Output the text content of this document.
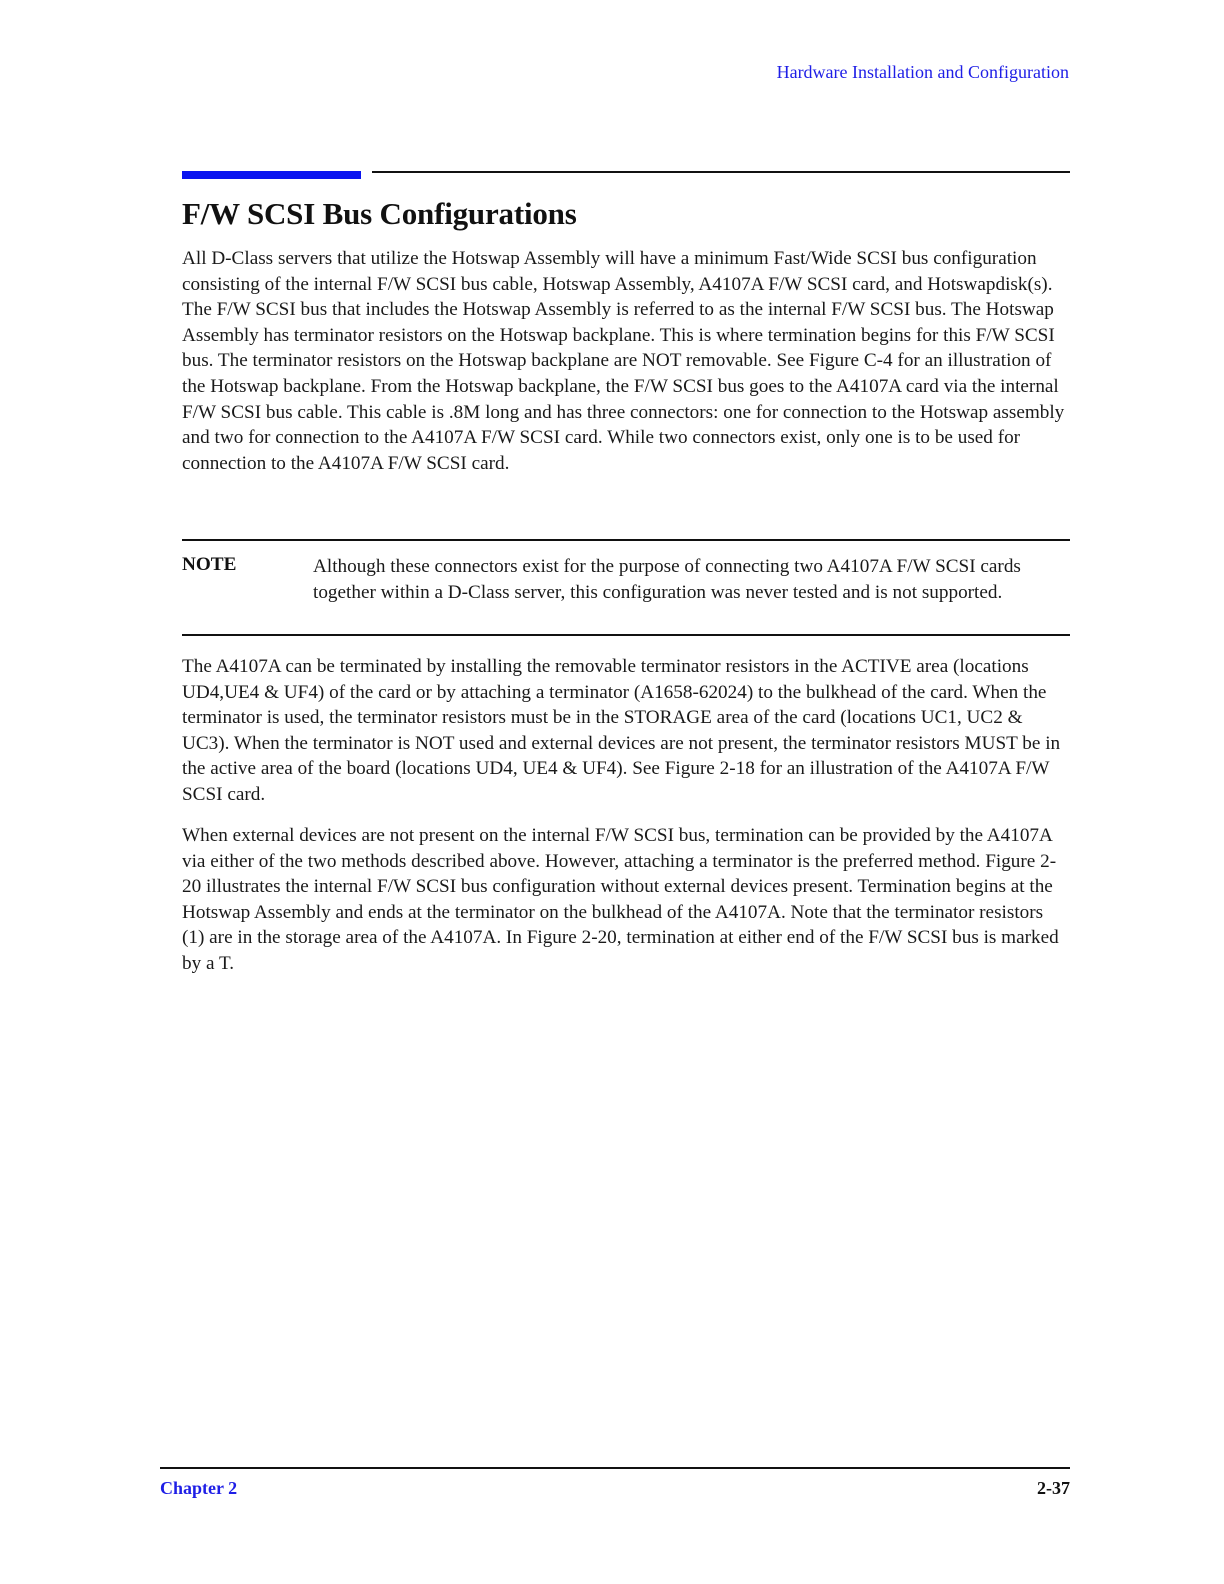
Hardware Installation and Configuration
F/W SCSI Bus Configurations

All D-Class servers that utilize the Hotswap Assembly will have a minimum Fast/Wide SCSI bus configuration consisting of the internal F/W SCSI bus cable, Hotswap Assembly, A4107A F/W SCSI card, and Hotswapdisk(s). The F/W SCSI bus that includes the Hotswap Assembly is referred to as the internal F/W SCSI bus. The Hotswap Assembly has terminator resistors on the Hotswap backplane. This is where termination begins for this F/W SCSI bus. The terminator resistors on the Hotswap backplane are NOT removable. See Figure C-4 for an illustration of the Hotswap backplane. From the Hotswap backplane, the F/W SCSI bus goes to the A4107A card via the internal F/W SCSI bus cable. This cable is .8M long and has three connectors: one for connection to the Hotswap assembly and two for connection to the A4107A F/W SCSI card. While two connectors exist, only one is to be used for connection to the A4107A F/W SCSI card.

NOTE	Although these connectors exist for the purpose of connecting two A4107A F/W SCSI cards together within a D-Class server, this configuration was never tested and is not supported.

The A4107A can be terminated by installing the removable terminator resistors in the ACTIVE area (locations UD4,UE4 & UF4) of the card or by attaching a terminator (A1658-62024) to the bulkhead of the card. When the terminator is used, the terminator resistors must be in the STORAGE area of the card (locations UC1, UC2 & UC3). When the terminator is NOT used and external devices are not present, the terminator resistors MUST be in the active area of the board (locations UD4, UE4 & UF4). See Figure 2-18 for an illustration of the A4107A F/W SCSI card.

When external devices are not present on the internal F/W SCSI bus, termination can be provided by the A4107A via either of the two methods described above. However, attaching a terminator is the preferred method. Figure 2-20 illustrates the internal F/W SCSI bus configuration without external devices present. Termination begins at the Hotswap Assembly and ends at the terminator on the bulkhead of the A4107A. Note that the terminator resistors (1) are in the storage area of the A4107A. In Figure 2-20, termination at either end of the F/W SCSI bus is marked by a T.

Chapter 2	2-37
